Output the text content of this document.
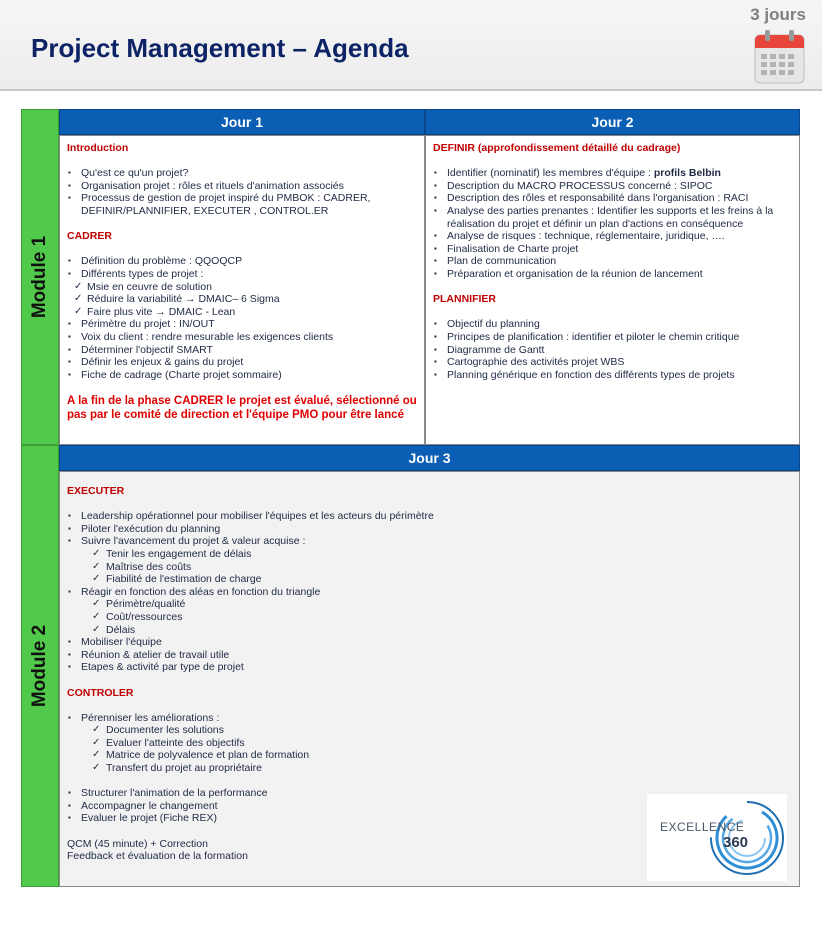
Project Management – Agenda
3 jours
Module 1
Module 2
Jour 1	Jour 2
Introduction
▪ Qu'est ce qu'un projet?
▪ Organisation projet : rôles et rituels d'animation associés
▪ Processus de gestion de projet inspiré du PMBOK : CADRER, DEFINIR/PLANNIFIER, EXECUTER , CONTROL.ER
CADRER
▪ Définition du problème : QQOQCP
▪ Différents types de projet :
✓ Msie en ceuvre de solution
✓ Réduire la variabilité → DMAIC– 6 Sigma
✓ Faire plus vite → DMAIC - Lean
▪ Périmètre du projet : IN/OUT
▪ Voix du client : rendre mesurable les exigences clients
▪ Déterminer l'objectif SMART
▪ Définir les enjeux & gains du projet
▪ Fiche de cadrage (Charte projet sommaire)
A la fin de la phase CADRER le projet est évalué, sélectionné ou pas par le comité de direction et l'équipe PMO pour être lancé
DEFINIR (approfondissement détaillé du cadrage)
▪ Identifier (nominatif) les membres d'équipe : profils Belbin
▪ Description du MACRO PROCESSUS concerné : SIPOC
▪ Description des rôles et responsabilité dans l'organisation : RACI
▪ Analyse des parties prenantes : Identifier les supports et les freins à la réalisation du projet et définir un plan d'actions en conséquence
▪ Analyse de risques : technique, réglementaire, juridique, ….
▪ Finalisation de Charte projet
▪ Plan de communication
▪ Préparation et organisation de la réunion de lancement
PLANNIFIER
▪ Objectif du planning
▪ Principes de planification : identifier et piloter le chemin critique
▪ Diagramme de Gantt
▪ Cartographie des activités projet WBS
▪ Planning générique en fonction des différents types de projets
Jour 3
EXECUTER
▪ Leadership opérationnel pour mobiliser l'équipes et les acteurs du périmètre
▪ Piloter l'exécution du planning
▪ Suivre l'avancement du projet & valeur acquise :
✓ Tenir les engagement de délais
✓ Maîtrise des coûts
✓ Fiabilité de l'estimation de charge
▪ Réagir en fonction des aléas en fonction du triangle
✓ Périmètre/qualité
✓ Coût/ressources
✓ Délais
▪ Mobiliser l'équipe
▪ Réunion & atelier de travail utile
▪ Etapes & activité par type de projet
CONTROLER
▪ Pérenniser les améliorations :
✓ Documenter les solutions
✓ Evaluer l'atteinte des objectifs
✓ Matrice de polyvalence et plan de formation
✓ Transfert du projet au propriétaire
▪ Structurer l'animation de la performance
▪ Accompagner le changement
▪ Evaluer le projet (Fiche REX)
QCM (45 minute) + Correction
Feedback et évaluation de la formation
EXCELLENCE
360
